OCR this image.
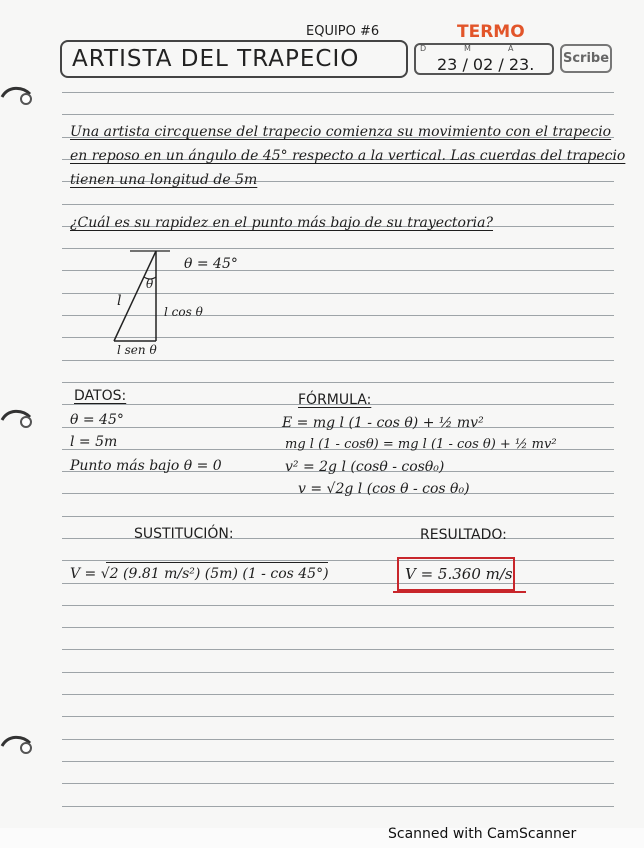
EQUIPO #6	TERMO
ARTISTA DEL TRAPECIO	D	M	A
23 / 02 / 23. Scribe
Una artista circquense del trapecio comienza su movimiento con el trapecio
en reposo en un ángulo de 45° respecto a la vertical. Las cuerdas del trapecio
tienen una longitud de 5m
¿Cuál es su rapidez en el punto más bajo de su trayectoria?
θ = 45°
θ
l
l cos θ
l sen θ
DATOS:
θ = 45°
l = 5m
Punto más bajo θ = 0
FÓRMULA:
E = mg l (1 - cos θ) + ½ mv²
mg l (1 - cosθ) = mg l (1 - cos θ) + ½ mv²
v² = 2g l (cosθ - cosθ₀)
v = √2g l (cos θ - cos θ₀)
SUSTITUCIÓN:	RESULTADO:
V = √2 (9.81 m/s²) (5m) (1 - cos 45°)	V = 5.360 m/s
Scanned with CamScanner
